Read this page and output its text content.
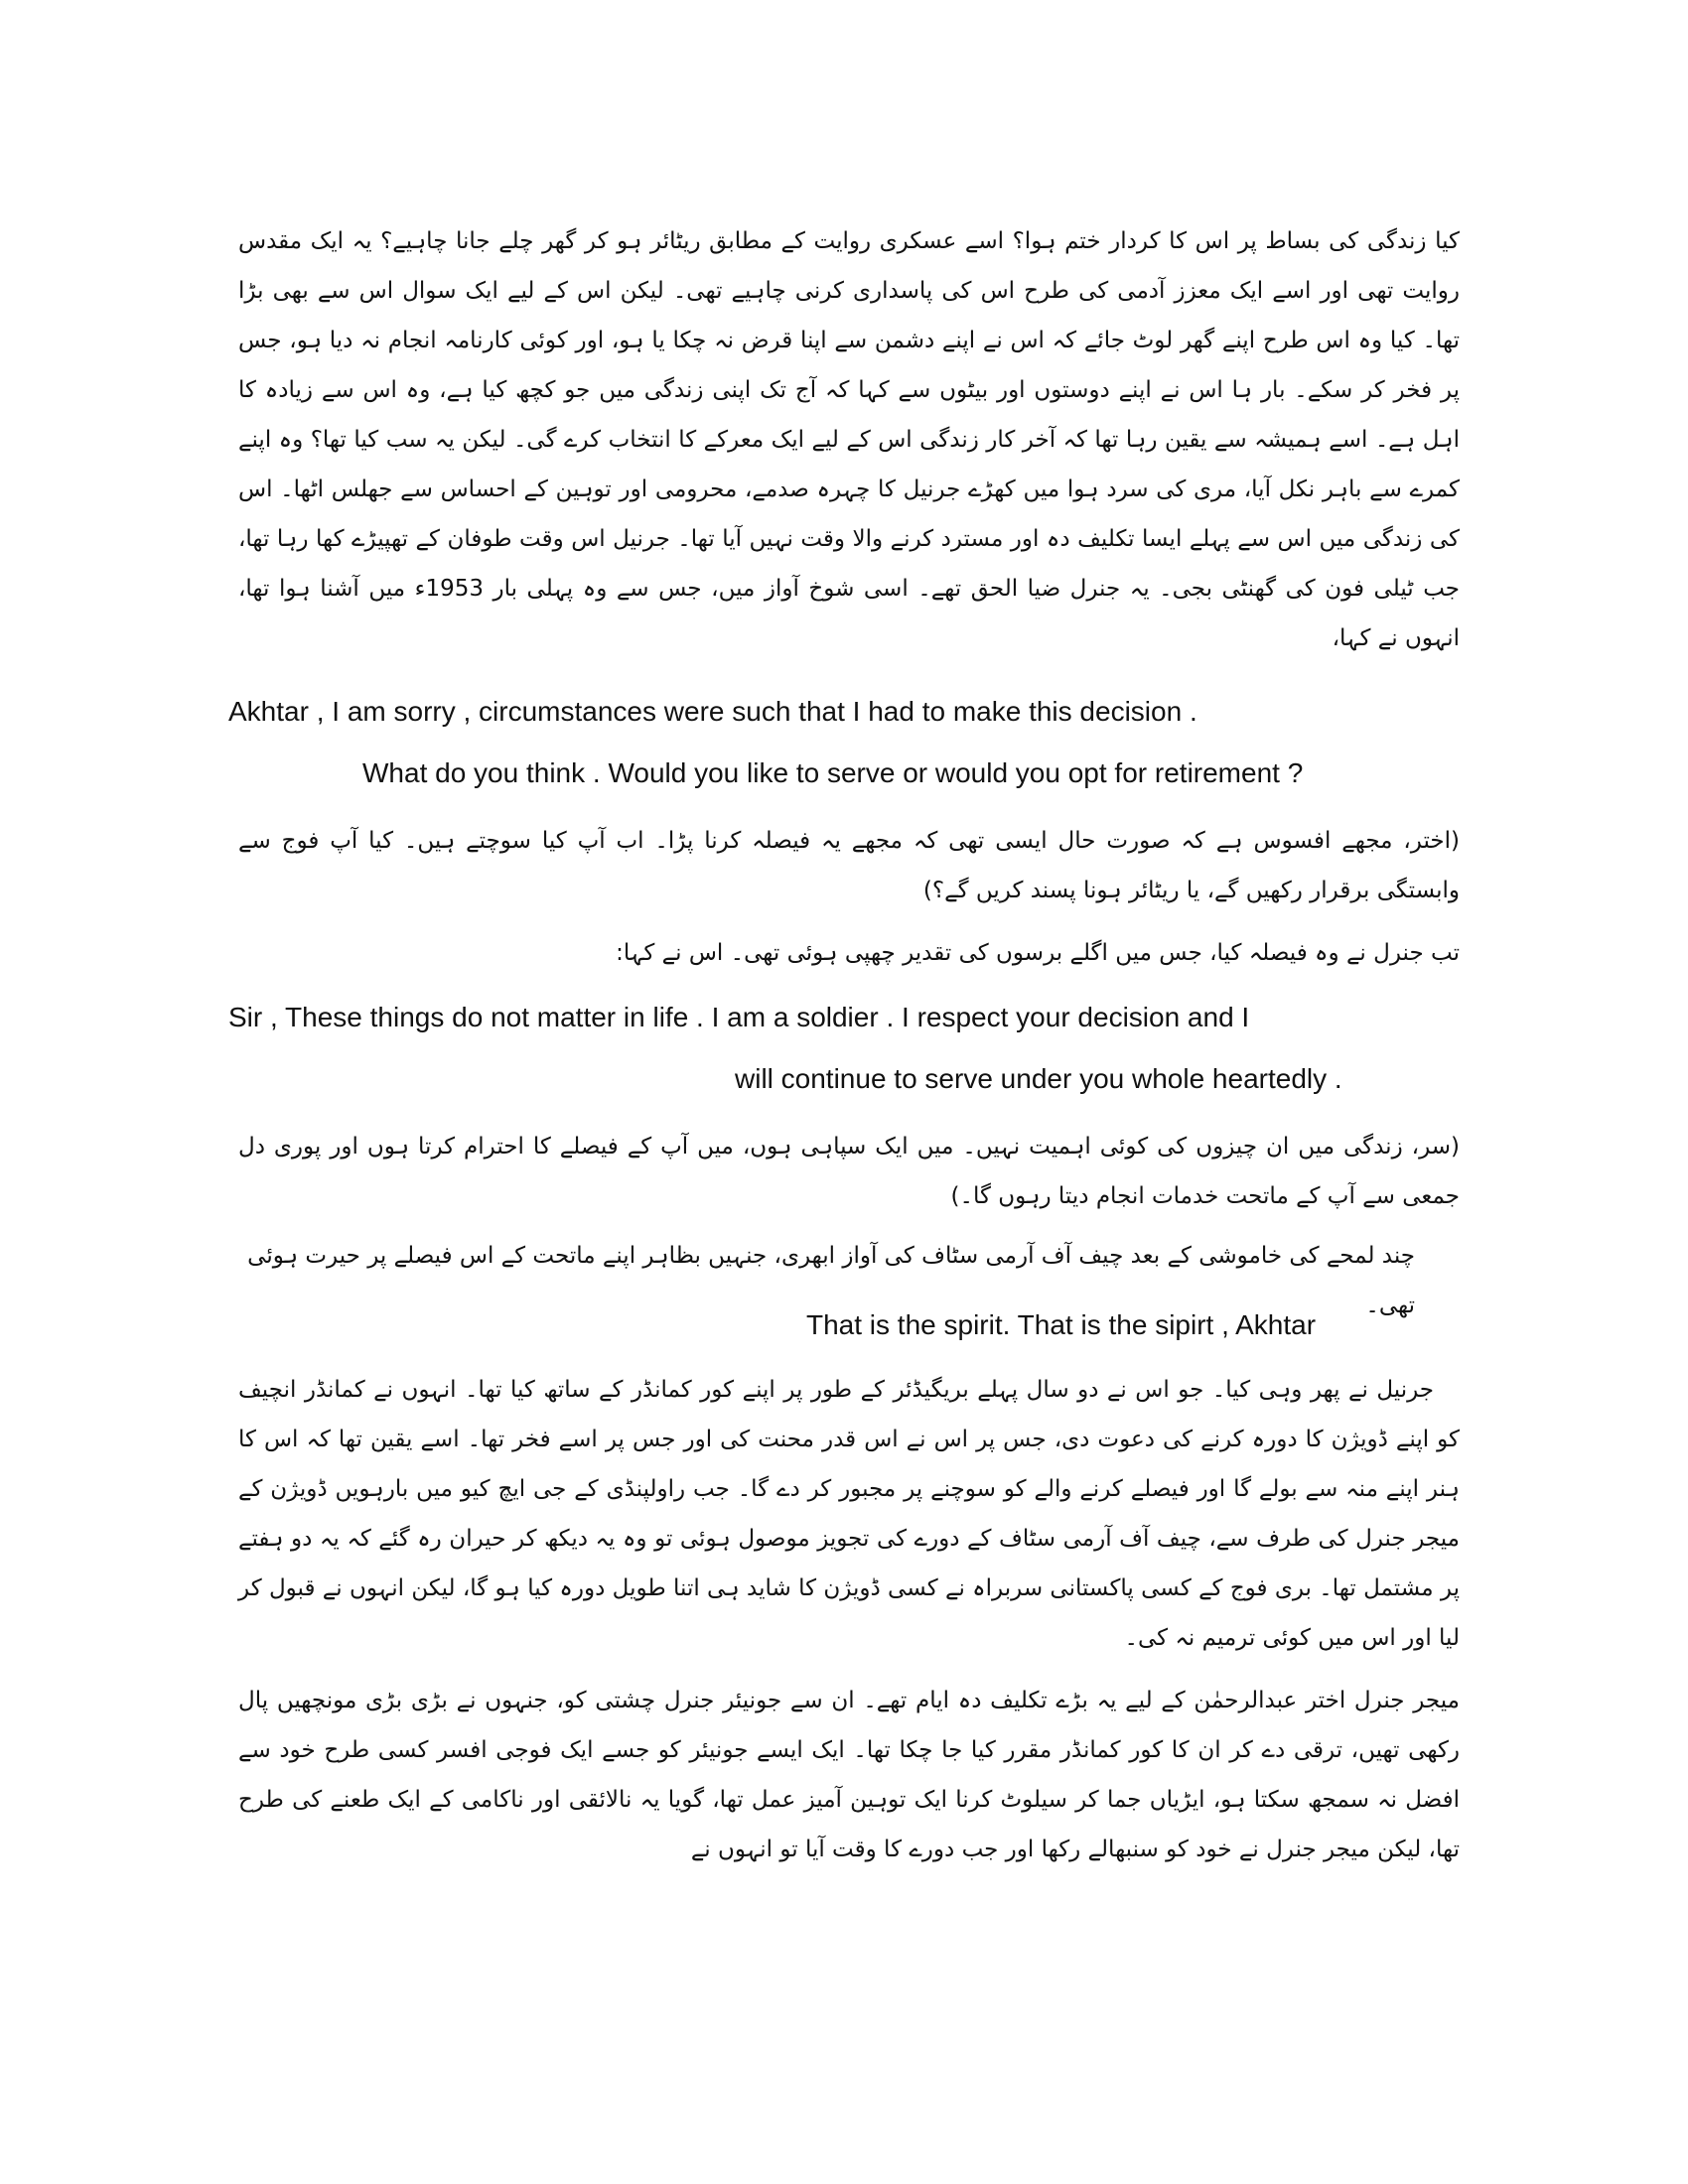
کیا زندگی کی بساط پر اس کا کردار ختم ہوا؟ اسے عسکری روایت کے مطابق ریٹائر ہو کر گھر چلے جانا چاہیے؟ یہ ایک مقدس روایت تھی اور اسے ایک معزز آدمی کی طرح اس کی پاسداری کرنی چاہیے تھی۔ لیکن اس کے لیے ایک سوال اس سے بھی بڑا تھا۔ کیا وہ اس طرح اپنے گھر لوٹ جائے کہ اس نے اپنے دشمن سے اپنا قرض نہ چکا یا ہو، اور کوئی کارنامہ انجام نہ دیا ہو، جس پر فخر کر سکے۔ بار ہا اس نے اپنے دوستوں اور بیٹوں سے کہا کہ آج تک اپنی زندگی میں جو کچھ کیا ہے، وہ اس سے زیادہ کا اہل ہے۔ اسے ہمیشہ سے یقین رہا تھا کہ آخر کار زندگی اس کے لیے ایک معرکے کا انتخاب کرے گی۔ لیکن یہ سب کیا تھا؟ وہ اپنے کمرے سے باہر نکل آیا، مری کی سرد ہوا میں کھڑے جرنیل کا چہرہ صدمے، محرومی اور توہین کے احساس سے جھلس اٹھا۔ اس کی زندگی میں اس سے پہلے ایسا تکلیف دہ اور مسترد کرنے والا وقت نہیں آیا تھا۔ جرنیل اس وقت طوفان کے تھپیڑے کھا رہا تھا، جب ٹیلی فون کی گھنٹی بجی۔ یہ جنرل ضیا الحق تھے۔ اسی شوخ آواز میں، جس سے وہ پہلی بار 1953ء میں آشنا ہوا تھا، انہوں نے کہا،

Akhtar , I am sorry , circumstances were such that I had to make this decision .

What do you think . Would you like to serve or would you opt for retirement ?

(اختر، مجھے افسوس ہے کہ صورت حال ایسی تھی کہ مجھے یہ فیصلہ کرنا پڑا۔ اب آپ کیا سوچتے ہیں۔ کیا آپ فوج سے وابستگی برقرار رکھیں گے، یا ریٹائر ہونا پسند کریں گے؟)

تب جنرل نے وہ فیصلہ کیا، جس میں اگلے برسوں کی تقدیر چھپی ہوئی تھی۔ اس نے کہا:

Sir , These things do not matter in life . I am a soldier . I respect your decision and I

will continue to serve under you whole heartedly .

(سر، زندگی میں ان چیزوں کی کوئی اہمیت نہیں۔ میں ایک سپاہی ہوں، میں آپ کے فیصلے کا احترام کرتا ہوں اور پوری دل جمعی سے آپ کے ماتحت خدمات انجام دیتا رہوں گا۔)

چند لمحے کی خاموشی کے بعد چیف آف آرمی سٹاف کی آواز ابھری، جنہیں بظاہر اپنے ماتحت کے اس فیصلے پر حیرت ہوئی تھی۔

That is the spirit. That is the sipirt , Akhtar

جرنیل نے پھر وہی کیا۔ جو اس نے دو سال پہلے بریگیڈئر کے طور پر اپنے کور کمانڈر کے ساتھ کیا تھا۔ انہوں نے کمانڈر انچیف کو اپنے ڈویژن کا دورہ کرنے کی دعوت دی، جس پر اس نے اس قدر محنت کی اور جس پر اسے فخر تھا۔ اسے یقین تھا کہ اس کا ہنر اپنے منہ سے بولے گا اور فیصلے کرنے والے کو سوچنے پر مجبور کر دے گا۔ جب راولپنڈی کے جی ایچ کیو میں بارہویں ڈویژن کے میجر جنرل کی طرف سے، چیف آف آرمی سٹاف کے دورے کی تجویز موصول ہوئی تو وہ یہ دیکھ کر حیران رہ گئے کہ یہ دو ہفتے پر مشتمل تھا۔ بری فوج کے کسی پاکستانی سربراہ نے کسی ڈویژن کا شاید ہی اتنا طویل دورہ کیا ہو گا، لیکن انہوں نے قبول کر لیا اور اس میں کوئی ترمیم نہ کی۔

میجر جنرل اختر عبدالرحمٰن کے لیے یہ بڑے تکلیف دہ ایام تھے۔ ان سے جونیئر جنرل چشتی کو، جنہوں نے بڑی بڑی مونچھیں پال رکھی تھیں، ترقی دے کر ان کا کور کمانڈر مقرر کیا جا چکا تھا۔ ایک ایسے جونیئر کو جسے ایک فوجی افسر کسی طرح خود سے افضل نہ سمجھ سکتا ہو، ایڑیاں جما کر سیلوٹ کرنا ایک توہین آمیز عمل تھا، گویا یہ نالائقی اور ناکامی کے ایک طعنے کی طرح تھا، لیکن میجر جنرل نے خود کو سنبھالے رکھا اور جب دورے کا وقت آیا تو انہوں نے
